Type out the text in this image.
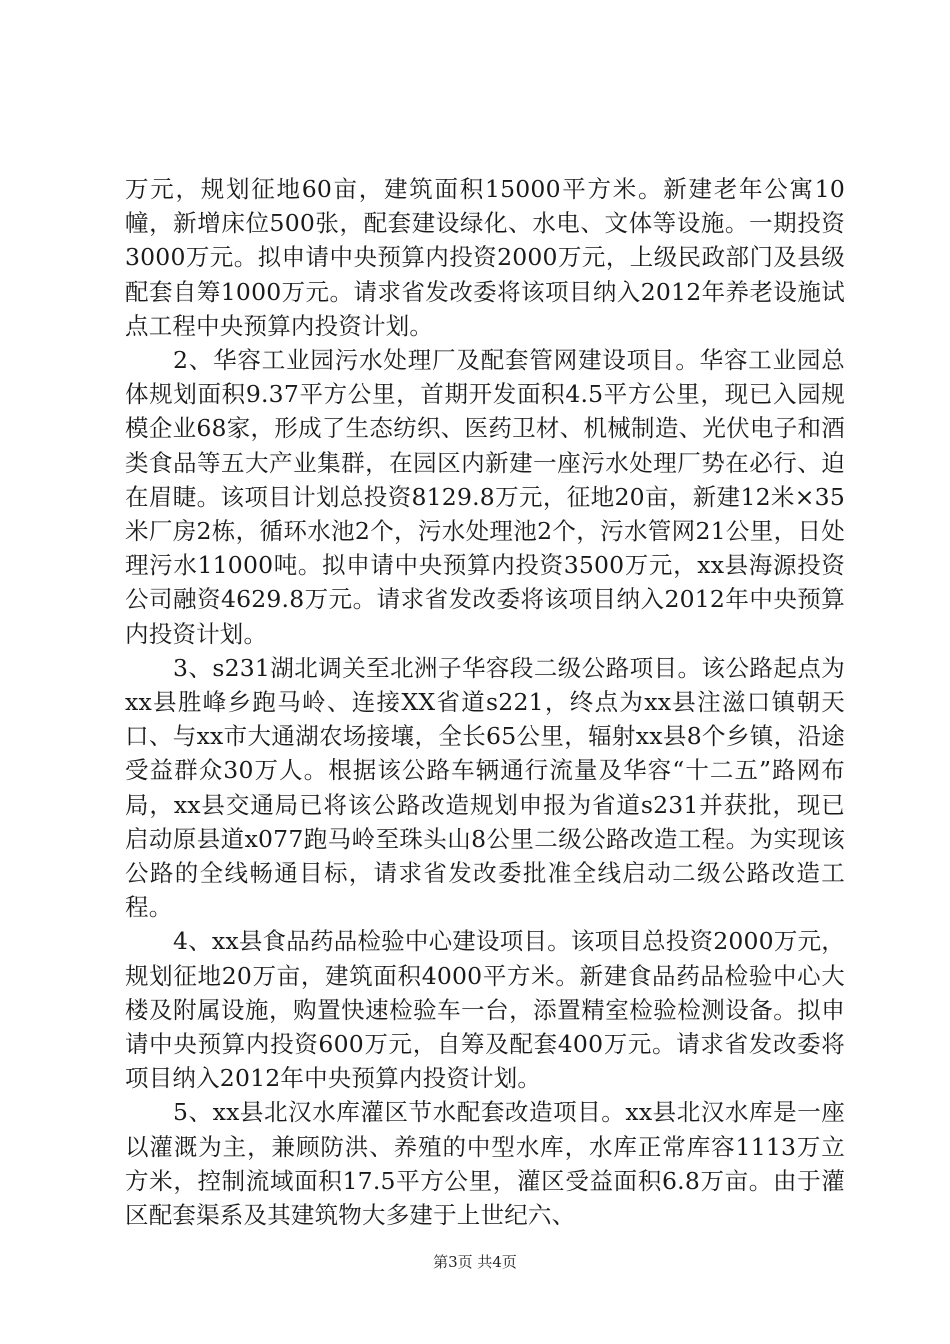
万元，规划征地60亩，建筑面积15000平方米。新建老年公寓10幢，新增床位500张，配套建设绿化、水电、文体等设施。一期投资3000万元。拟申请中央预算内投资2000万元，上级民政部门及县级配套自筹1000万元。请求省发改委将该项目纳入2012年养老设施试点工程中央预算内投资计划。

2、华容工业园污水处理厂及配套管网建设项目。华容工业园总体规划面积9.37平方公里，首期开发面积4.5平方公里，现已入园规模企业68家，形成了生态纺织、医药卫材、机械制造、光伏电子和酒类食品等五大产业集群，在园区内新建一座污水处理厂势在必行、迫在眉睫。该项目计划总投资8129.8万元，征地20亩，新建12米×35米厂房2栋，循环水池2个，污水处理池2个，污水管网21公里，日处理污水11000吨。拟申请中央预算内投资3500万元，xx县海源投资公司融资4629.8万元。请求省发改委将该项目纳入2012年中央预算内投资计划。

3、s231湖北调关至北洲子华容段二级公路项目。该公路起点为xx县胜峰乡跑马岭、连接XX省道s221，终点为xx县注滋口镇朝天口、与xx市大通湖农场接壤，全长65公里，辐射xx县8个乡镇，沿途受益群众30万人。根据该公路车辆通行流量及华容“十二五”路网布局，xx县交通局已将该公路改造规划申报为省道s231并获批，现已启动原县道x077跑马岭至珠头山8公里二级公路改造工程。为实现该公路的全线畅通目标，请求省发改委批准全线启动二级公路改造工程。

4、xx县食品药品检验中心建设项目。该项目总投资2000万元，规划征地20万亩，建筑面积4000平方米。新建食品药品检验中心大楼及附属设施，购置快速检验车一台，添置精室检验检测设备。拟申请中央预算内投资600万元，自筹及配套400万元。请求省发改委将项目纳入2012年中央预算内投资计划。

5、xx县北汉水库灌区节水配套改造项目。xx县北汉水库是一座以灌溉为主，兼顾防洪、养殖的中型水库，水库正常库容1113万立方米，控制流域面积17.5平方公里，灌区受益面积6.8万亩。由于灌区配套渠系及其建筑物大多建于上世纪六、

第3页 共4页
